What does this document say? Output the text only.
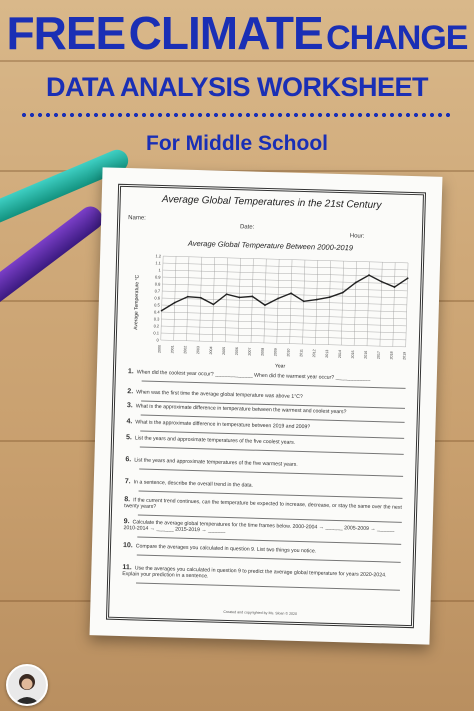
FREE CLIMATE CHANGE
DATA ANALYSIS WORKSHEET
For Middle School
Average Global Temperatures in the 21st Century
Name:
Date:
Hour:
Average Global Temperature Between 2000-2019
1.2
1.1
1
0.9
0.8
0.7
0.6
0.5
0.4
0.3
0.2
0.1
0
2000 2001 2002 2003 2004 2005 2006 2007 2008 2009 2010 2011 2012 2013 2014 2015 2016 2017 2018 2019
Average Temperature °C
Year
1. When did the coolest year occur? _____________ When did the warmest year occur? ____________
2. When was the first time the average global temperature was above 1°C?
3. What is the approximate difference in temperature between the warmest and coolest years?
4. What is the approximate difference in temperature between 2019 and 2009?
5. List the years and approximate temperatures of the five coolest years.
6. List the years and approximate temperatures of the five warmest years.
7. In a sentence, describe the overall trend in the data.
8. If the current trend continues, can the temperature be expected to increase, decrease, or stay the same over the next twenty years?
9. Calculate the average global temperatures for the time frames below. 2000-2004 → ______ 2005-2009 → ______ 2010-2014 → ______ 2015-2019 → ______
10. Compare the averages you calculated in question 9. List two things you notice.
11. Use the averages you calculated in question 9 to predict the average global temperature for years 2020-2024. Explain your prediction in a sentence.
Created and copyrighted by Ms. Sloan © 2020
